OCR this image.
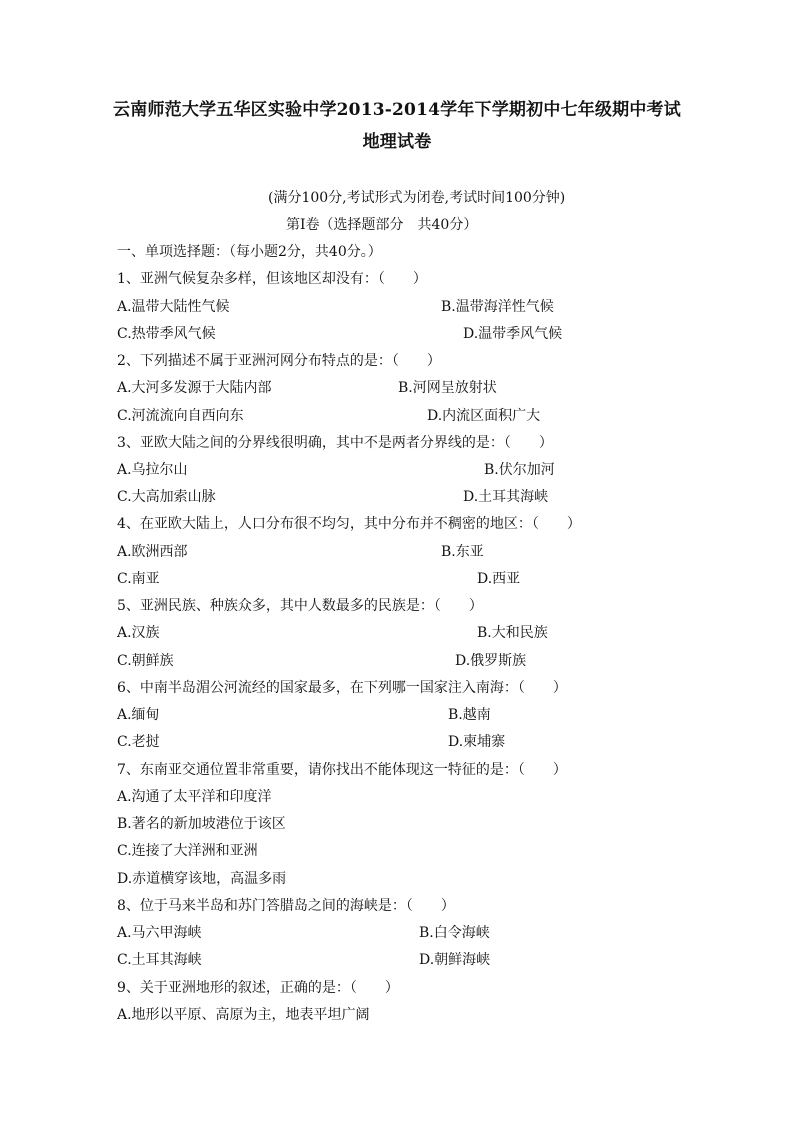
云南师范大学五华区实验中学2013-2014学年下学期初中七年级期中考试
地理试卷
(满分100分,考试形式为闭卷,考试时间100分钟)
第Ⅰ卷（选择题部分　共40分）
一、单项选择题：（每小题2分，共40分。）
1、亚洲气候复杂多样，但该地区却没有：（　　）
A.温带大陆性气候	B.温带海洋性气候
C.热带季风气候	D.温带季风气候
2、下列描述不属于亚洲河网分布特点的是：（　　）
A.大河多发源于大陆内部	B.河网呈放射状
C.河流流向自西向东	D.内流区面积广大
3、亚欧大陆之间的分界线很明确，其中不是两者分界线的是：（　　）
A.乌拉尔山	B.伏尔加河
C.大高加索山脉	D.土耳其海峡
4、在亚欧大陆上，人口分布很不均匀，其中分布并不稠密的地区：（　　）
A.欧洲西部	B.东亚
C.南亚	D.西亚
5、亚洲民族、种族众多，其中人数最多的民族是：（　　）
A.汉族	B.大和民族
C.朝鲜族	D.俄罗斯族
6、中南半岛湄公河流经的国家最多，在下列哪一国家注入南海：（　　）
A.缅甸	B.越南
C.老挝	D.柬埔寨
7、东南亚交通位置非常重要，请你找出不能体现这一特征的是：（　　）
A.沟通了太平洋和印度洋
B.著名的新加坡港位于该区
C.连接了大洋洲和亚洲
D.赤道横穿该地，高温多雨
8、位于马来半岛和苏门答腊岛之间的海峡是：（　　）
A.马六甲海峡	B.白令海峡
C.土耳其海峡	D.朝鲜海峡
9、关于亚洲地形的叙述，正确的是：（　　）
A.地形以平原、高原为主，地表平坦广阔
